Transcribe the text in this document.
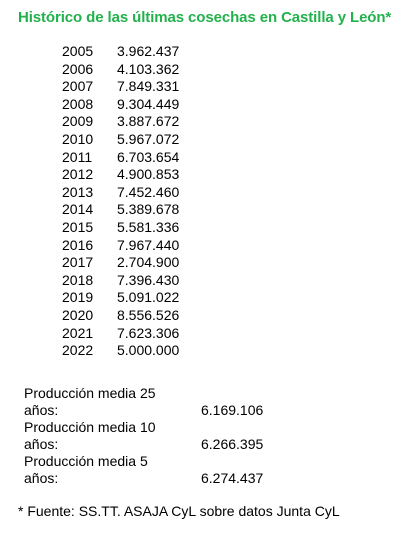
Histórico de las últimas cosechas en Castilla y León*
2005 3.962.437
2006 4.103.362
2007 7.849.331
2008 9.304.449
2009 3.887.672
2010 5.967.072
2011 6.703.654
2012 4.900.853
2013 7.452.460
2014 5.389.678
2015 5.581.336
2016 7.967.440
2017 2.704.900
2018 7.396.430
2019 5.091.022
2020 8.556.526
2021 7.623.306
2022 5.000.000
Producción media 25 años:	6.169.106
Producción media 10 años:	6.266.395
Producción media 5 años:	6.274.437
* Fuente: SS.TT. ASAJA CyL sobre datos Junta CyL
